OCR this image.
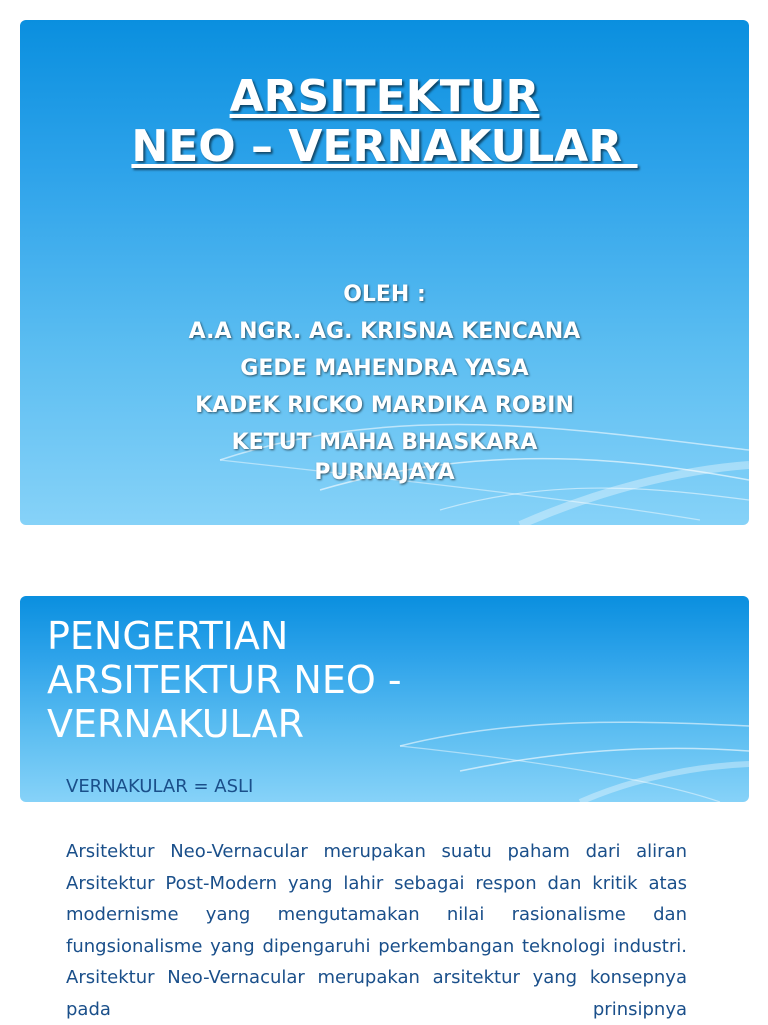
ARSITEKTUR
NEO – VERNAKULAR
OLEH :
A.A NGR. AG. KRISNA KENCANA
GEDE MAHENDRA YASA
KADEK RICKO MARDIKA ROBIN
KETUT MAHA BHASKARA PURNAJAYA
PENGERTIAN
ARSITEKTUR NEO -
VERNAKULAR
VERNAKULAR = ASLI
Arsitektur Neo-Vernacular merupakan suatu paham dari aliran Arsitektur Post-Modern yang lahir sebagai respon dan kritik atas modernisme yang mengutamakan nilai rasionalisme dan fungsionalisme yang dipengaruhi perkembangan teknologi industri. Arsitektur Neo-Vernacular merupakan arsitektur yang konsepnya pada prinsipnya
